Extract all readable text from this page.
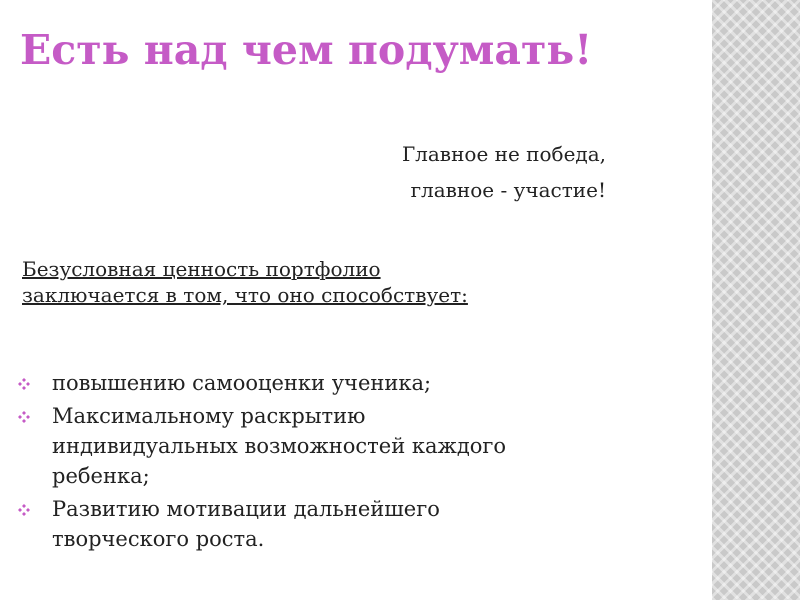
Есть над чем подумать!
Главное не победа,
главное - участие!
Безусловная ценность портфолио
заключается в том, что оно способствует:
повышению самооценки ученика;
Максимальному раскрытию
индивидуальных возможностей каждого
ребенка;
Развитию мотивации дальнейшего
творческого роста.
